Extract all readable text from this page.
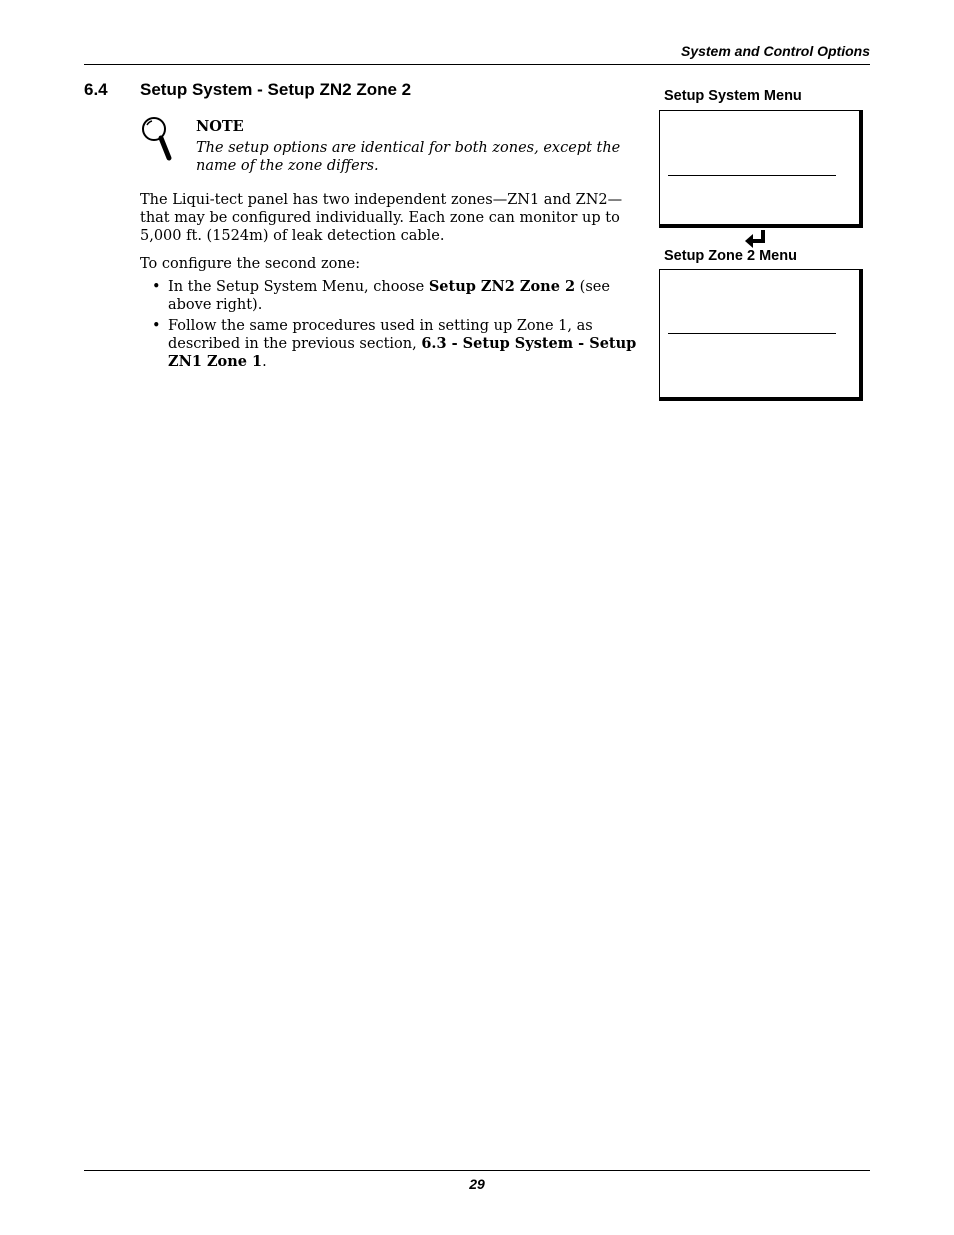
System and Control Options
6.4 Setup System - Setup ZN2 Zone 2
NOTE
The setup options are identical for both zones, except the name of the zone differs.
The Liqui-tect panel has two independent zones—ZN1 and ZN2—that may be configured individually. Each zone can monitor up to 5,000 ft. (1524m) of leak detection cable.
To configure the second zone:
• In the Setup System Menu, choose Setup ZN2 Zone 2 (see above right).
• Follow the same procedures used in setting up Zone 1, as described in the previous section, 6.3 - Setup System - Setup ZN1 Zone 1.
Setup System Menu
Setup Zone 2 Menu
29
